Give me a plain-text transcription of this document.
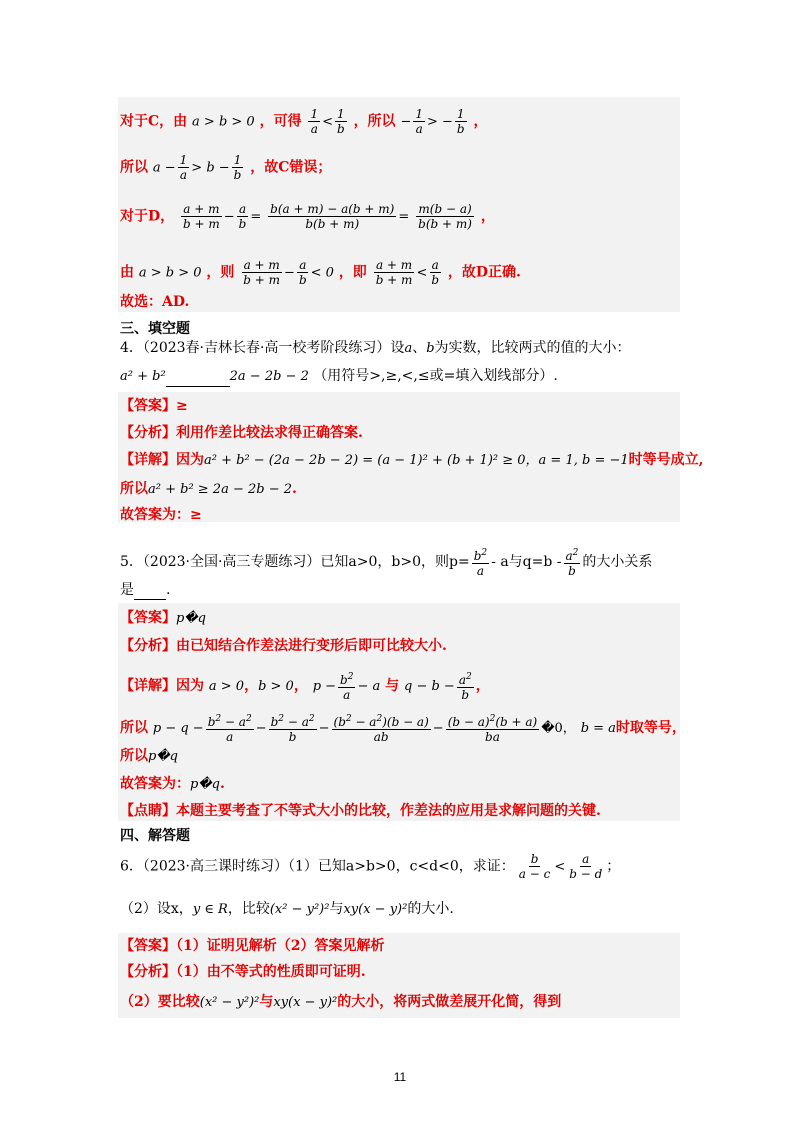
对于C，由 a > b > 0 ，可得 $\frac{1}{a} < \frac{1}{b}$ ，所以 − $\frac{1}{a}$ > − $\frac{1}{b}$ ，
所以 $a - \frac{1}{a} > b - \frac{1}{b}$ ，故C错误；
对于D， $\frac{a + m}{b + m} - \frac{a}{b} = \frac{b(a + m) - a(b + m)}{b(b + m)} = \frac{m(b - a)}{b(b + m)}$ ，
由 a > b > 0 ，则 $\frac{a + m}{b + m} - \frac{a}{b} < 0$ ，即 $\frac{a + m}{b + m} < \frac{a}{b}$ ，故D正确.
故选：AD.
三、填空题
4．（2023春·吉林长春·高一校考阶段练习）设a、b为实数，比较两式的值的大小：
a² + b²	2a − 2b − 2 （用符号>,≥,<,≤或=填入划线部分）.
【答案】≥
【分析】利用作差比较法求得正确答案.
【详解】因为a² + b² − (2a − 2b − 2) = (a − 1)² + (b + 1)² ≥ 0，a = 1, b = −1时等号成立,
所以a² + b² ≥ 2a − 2b − 2.
故答案为：≥
5．（2023·全国·高三专题练习）已知a>0，b>0，则$p= \frac{b^2}{a} - a$与$q=b - \frac{a^2}{b}$ 的大小关系
是 .
【答案】p�q
【分析】由已知结合作差法进行变形后即可比较大小.
【详解】因为 a > 0，b > 0， $p - \frac{b^2}{a} - a$ 与 $q - b - \frac{a^2}{b}$ ，
所以 $p - q - \frac{b^2 - a^2}{a} - \frac{b^2 - a^2}{b} - \frac{(b^2 - a^2)(b - a)}{ab} - \frac{(b - a)^2(b + a)}{ba}$ �0， b = a时取等号，
所以p�q
故答案为：p�q.
【点睛】本题主要考查了不等式大小的比较，作差法的应用是求解问题的关键.
四、解答题
6．（2023·高三课时练习）（1）已知a>b>0，c<d<0，求证： $\frac{b}{a - c} < \frac{a}{b - d}$ ；
（2）设x，y ∈ R，比较(x² − y²)²与xy(x − y)²的大小.
【答案】（1）证明见解析（2）答案见解析
【分析】（1）由不等式的性质即可证明.
（2）要比较(x² − y²)²与xy(x − y)²的大小，将两式做差展开化简，得到
11
